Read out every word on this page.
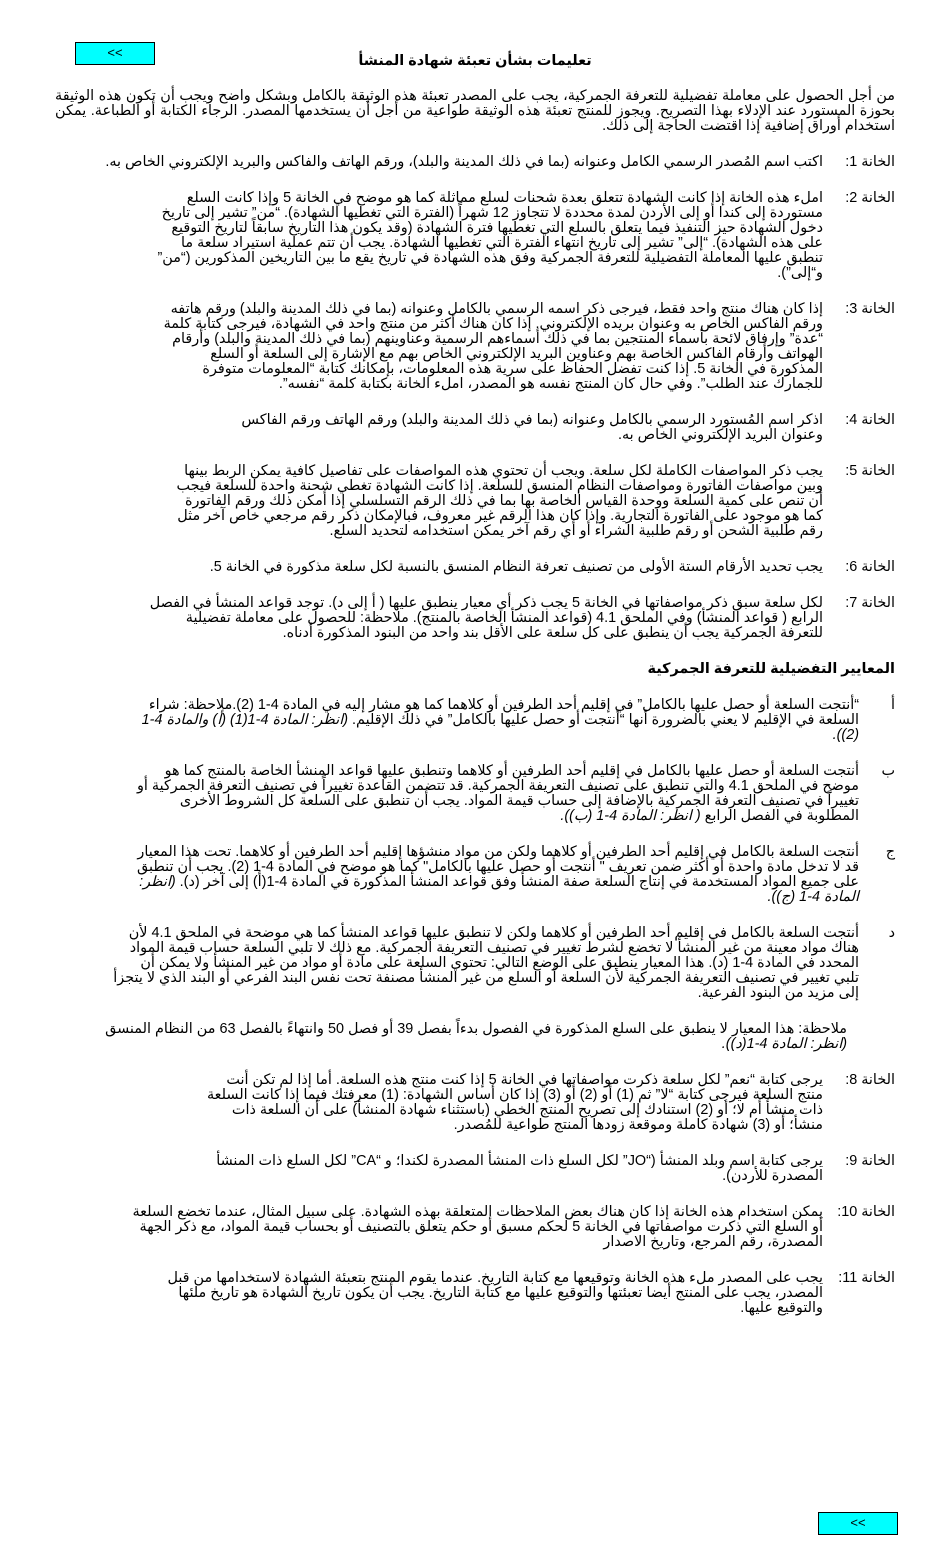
<<
تعليمات بشأن تعبئة شهادة المنشأ
من أجل الحصول على معاملة تفضيلية للتعرفة الجمركية، يجب على المصدر تعبئة هذه الوثيقة بالكامل وبشكل واضح ويجب أن تكون هذه الوثيقة بحوزة المستورد عند الإدلاء بهذا التصريح. ويجوز للمنتج تعبئة هذه الوثيقة طواعية من أجل أن يستخدمها المصدر. الرجاء الكتابة أو الطباعة. يمكن استخدام أوراق إضافية إذا اقتضت الحاجة إلى ذلك.
الخانة 1:
اكتب اسم المُصدر الرسمي الكامل وعنوانه (بما في ذلك المدينة والبلد)، ورقم الهاتف والفاكس والبريد الإلكتروني الخاص به.
الخانة 2:
املء هذه الخانة إذا كانت الشهادة تتعلق بعدة شحنات لسلع مماثلة كما هو موضح في الخانة 5 وإذا كانت السلع مستوردة إلى كندا أو إلى الأردن لمدة محددة لا تتجاوز 12 شهراً (الفترة التي تغطيها الشهادة). “من” تشير إلى تاريخ دخول الشهادة حيز التنفيذ فيما يتعلق بالسلع التي تغطيها فترة الشهادة (وقد يكون هذا التاريخ سابقاً لتاريخ التوقيع على هذه الشهادة). “إلى” تشير إلى تاريخ انتهاء الفترة التي تغطيها الشهادة. يجب أن تتم عملية استيراد سلعة ما تنطبق عليها المعاملة التفضيلية للتعرفة الجمركية وفق هذه الشهادة في تاريخ يقع ما بين التاريخين المذكورين (“من” و“إلى”).
الخانة 3:
إذا كان هناك منتج واحد فقط، فيرجى ذكر اسمه الرسمي بالكامل وعنوانه (بما في ذلك المدينة والبلد) ورقم هاتفه ورقم الفاكس الخاص به وعنوان بريده الإلكتروني. إذا كان هناك أكثر من منتج واحد في الشهادة، فيرجى كتابة كلمة “عدة” وإرفاق لائحة بأسماء المنتجين بما في ذلك أسماءهم الرسمية وعناوينهم (بما في ذلك المدينة والبلد) وأرقام الهواتف وأرقام الفاكس الخاصة بهم وعناوين البريد الإلكتروني الخاص بهم مع الإشارة إلى السلعة أو السلع المذكورة في الخانة 5. إذا كنت تفضل الحفاظ على سرية هذه المعلومات، بإمكانك كتابة “المعلومات متوفرة للجمارك عند الطلب”. وفي حال كان المنتج نفسه هو المصدر، املء الخانة بكتابة كلمة “نفسه”.
الخانة 4:
اذكر اسم المُستورد الرسمي بالكامل وعنوانه (بما في ذلك المدينة والبلد) ورقم الهاتف ورقم الفاكس وعنوان البريد الإلكتروني الخاص به.
الخانة 5:
يجب ذكر المواصفات الكاملة لكل سلعة. ويجب أن تحتوي هذه المواصفات على تفاصيل كافية يمكن الربط بينها وبين مواصفات الفاتورة ومواصفات النظام المنسق للسلعة. إذا كانت الشهادة تغطي شحنة واحدة للسلعة فيجب أن تنص على كمية السلعة ووحدة القياس الخاصة بها بما في ذلك الرقم التسلسلي إذا أمكن ذلك ورقم الفاتورة كما هو موجود على الفاتورة التجارية. وإذا كان هذا الرقم غير معروف، فبالإمكان ذكر رقم مرجعي خاص آخر مثل رقم طلبية الشحن أو رقم طلبية الشراء أو أي رقم آخر يمكن استخدامه لتحديد السلع.
الخانة 6:
يجب تحديد الأرقام الستة الأولى من تصنيف تعرفة النظام المنسق بالنسبة لكل سلعة مذكورة في الخانة 5.
الخانة 7:
لكل سلعة سبق ذكر مواصفاتها في الخانة 5 يجب ذكر أي معيار ينطبق عليها ( أ إلى د). توجد قواعد المنشأ في الفصل الرابع ( قواعد المنشأ) وفي الملحق 4.1 (قواعد المنشأ الخاصة بالمنتج). ملاحظة: للحصول على معاملة تفضيلية للتعرفة الجمركية يجب أن ينطبق على كل سلعة على الأقل بند واحد من البنود المذكورة أدناه.
المعايير التفضيلية للتعرفة الجمركية
أ
“أنتجت السلعة أو حصل عليها بالكامل” في إقليم أحد الطرفين أو كلاهما كما هو مشار إليه في المادة 4-1 (2).ملاحظة: شراء السلعة في الإقليم لا يعني بالضرورة أنها “أنتجت أو حصل عليها بالكامل” في ذلك الإقليم. (انظر: المادة 4-1(1) (أ) والمادة 4-1 (2)).
ب
أنتجت السلعة أو حصل عليها بالكامل في إقليم أحد الطرفين أو كلاهما وتنطبق عليها قواعد المنشأ الخاصة بالمنتج كما هو موضح في الملحق 4.1 والتي تنطبق على تصنيف التعريفة الجمركية. قد تتضمن القاعدة تغييراً في تصنيف التعرفة الجمركية أو تغييراً في تصنيف التعرفة الجمركية بالإضافة إلى حساب قيمة المواد. يجب أن تنطبق على السلعة كل الشروط الأخرى المطلوبة في الفصل الرابع ( انظر: المادة 4-1 (ب)).
ج
أنتجت السلعة بالكامل في إقليم أحد الطرفين أو كلاهما ولكن من مواد منشؤها إقليم أحد الطرفين أو كلاهما. تحت هذا المعيار قد لا تدخل مادة واحدة أو أكثر ضمن تعريف " أنتجت أو حصل عليها بالكامل" كما هو موضح في المادة 4-1 (2). يجب أن تنطبق على جميع المواد المستخدمة في إنتاج السلعة صفة المنشأ وفق قواعد المنشأ المذكورة في المادة 4-1(أ) إلى آخر (د). (انظر: المادة 4-1 (ج)).
د
أنتجت السلعة بالكامل في إقليم أحد الطرفين أو كلاهما ولكن لا تنطبق عليها قواعد المنشأ كما هي موضحة في الملحق 4.1 لأن هناك مواد معينة من غير المنشأ لا تخضع لشرط تغيير في تصنيف التعريفة الجمركية. مع ذلك لا تلبي السلعة حساب قيمة المواد المحدد في المادة 4-1 (د). هذا المعيار ينطبق على الوضع التالي: تحتوي السلعة على مادة أو مواد من غير المنشأ ولا يمكن أن تلبي تغيير في تصنيف التعريفة الجمركية لأن السلعة أو السلع من غير المنشأ مصنفة تحت نفس البند الفرعي أو البند الذي لا يتجزأ إلى مزيد من البنود الفرعية.
ملاحظة: هذا المعيار لا ينطبق على السلع المذكورة في الفصول بدءاً بفصل 39 أو فصل 50 وانتهاءً بالفصل 63 من النظام المنسق (انظر: المادة 4-1(د)).
الخانة 8:
يرجى كتابة “نعم” لكل سلعة ذكرت مواصفاتها في الخانة 5 إذا كنت منتج هذه السلعة. أما إذا لم تكن أنت منتج السلعة فيرجى كتابة “لا” ثم (1) أو (2) أو (3) إذا كان أساس الشهادة: (1) معرفتك فيما إذا كانت السلعة ذات منشأ أم لا؛ أو (2) استنادك إلى تصريح المنتج الخطي (باستثناء شهادة المنشأ) على أن السلعة ذات منشأ؛ أو (3) شهادة كاملة وموقعة زودها المنتج طواعية للمُصدر.
الخانة 9:
يرجى كتابة اسم وبلد المنشأ (“JO” لكل السلع ذات المنشأ المصدرة لكندا؛ و “CA” لكل السلع ذات المنشأ المصدرة للأردن).
الخانة 10:
يمكن استخدام هذه الخانة إذا كان هناك بعض الملاحظات المتعلقة بهذه الشهادة. على سبيل المثال، عندما تخضع السلعة أو السلع التي ذكرت مواصفاتها في الخانة 5 لحكم مسبق أو حكم يتعلق بالتصنيف أو بحساب قيمة المواد، مع ذكر الجهة المصدرة، رقم المرجع، وتاريخ الاصدار
الخانة 11:
يجب على المصدر ملء هذه الخانة وتوقيعها مع كتابة التاريخ. عندما يقوم المنتج بتعبئة الشهادة لاستخدامها من قبل المصدر، يجب على المنتج أيضا تعبئتها والتوقيع عليها مع كتابة التاريخ. يجب أن يكون تاريخ الشهادة هو تاريخ ملئها والتوقيع عليها.
<<
